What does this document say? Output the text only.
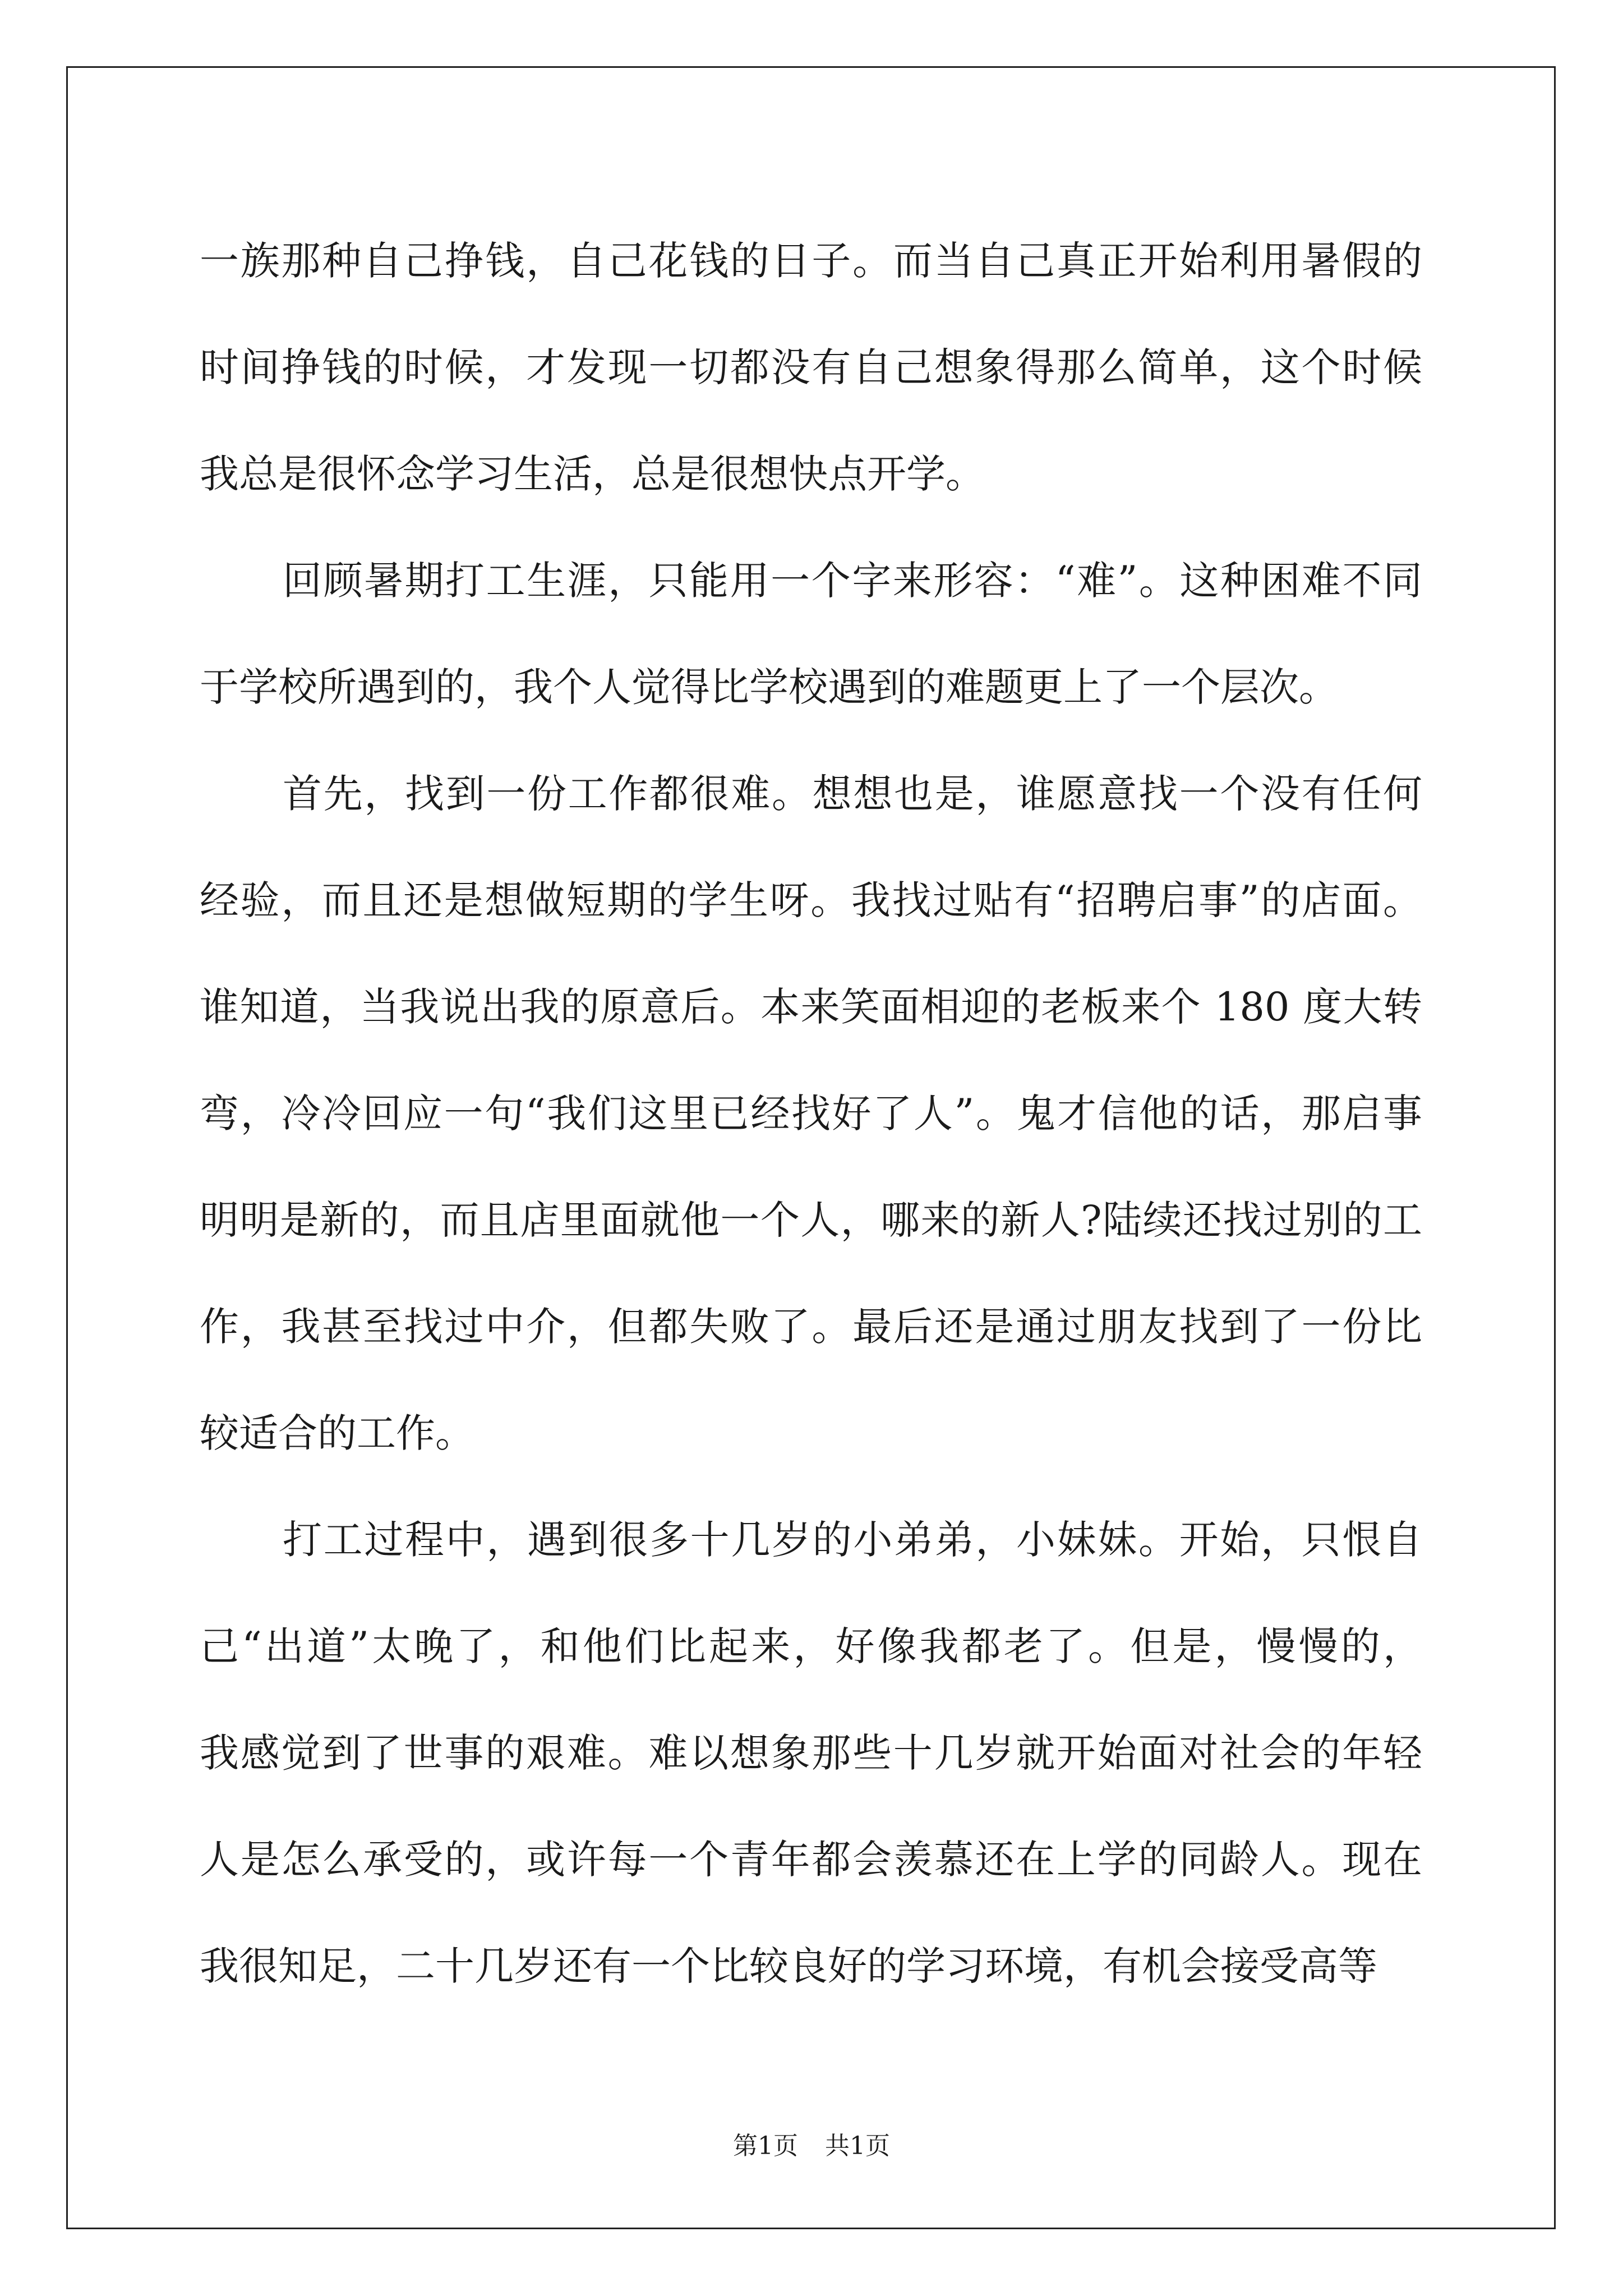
一族那种自己挣钱，自己花钱的日子。而当自己真正开始利用暑假的
时间挣钱的时候，才发现一切都没有自己想象得那么简单，这个时候
我总是很怀念学习生活，总是很想快点开学。
回顾暑期打工生涯，只能用一个字来形容：“难”。这种困难不同
于学校所遇到的，我个人觉得比学校遇到的难题更上了一个层次。
首先，找到一份工作都很难。想想也是，谁愿意找一个没有任何
经验，而且还是想做短期的学生呀。我找过贴有“招聘启事”的店面。
谁知道，当我说出我的原意后。本来笑面相迎的老板来个 180 度大转
弯，冷冷回应一句“我们这里已经找好了人”。鬼才信他的话，那启事
明明是新的，而且店里面就他一个人，哪来的新人?陆续还找过别的工
作，我甚至找过中介，但都失败了。最后还是通过朋友找到了一份比
较适合的工作。
打工过程中，遇到很多十几岁的小弟弟，小妹妹。开始，只恨自
己“出道”太晚了，和他们比起来，好像我都老了。但是，慢慢的，
我感觉到了世事的艰难。难以想象那些十几岁就开始面对社会的年轻
人是怎么承受的，或许每一个青年都会羡慕还在上学的同龄人。现在
我很知足，二十几岁还有一个比较良好的学习环境，有机会接受高等
第1页 共1页
